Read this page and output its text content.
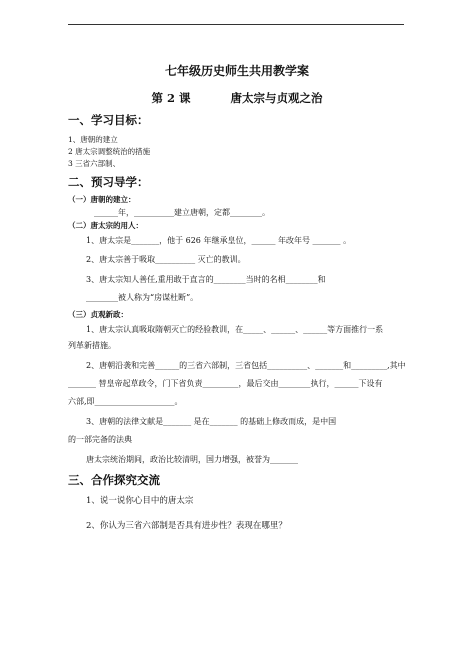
七年级历史师生共用教学案
第 2 课	唐太宗与贞观之治
一、学习目标：
1、唐朝的建立
2 唐太宗调整统治的措施
3 三省六部制、
二、预习导学：
（一）唐朝的建立：
______年，__________建立唐朝，定都________。
（二）唐太宗的用人：
1、唐太宗是_______，他于 626 年继承皇位，______ 年改年号 _______ 。
2、唐太宗善于吸取__________ 灭亡的教训。
3、唐太宗知人善任,重用敢于直言的________当时的名相________和
________被人称为“房谋杜断”。
（三）贞观新政：
1、唐太宗认真吸取隋朝灭亡的经验教训，在_____、______、______等方面推行一系
列革新措施。
2、唐朝沿袭和完善______的三省六部制，三省包括__________、_______和_________,其中
_______ 替皇帝起草政令，门下省负责_________，最后交由________执行，______下设有
六部,即____________________。
3、唐朝的法律文献是_______ 是在_______ 的基础上修改而成，是中国
的一部完备的法典
唐太宗统治期间，政治比较清明，国力增强，被誉为_______
三、合作探究交流
1、说一说你心目中的唐太宗
2、你认为三省六部制是否具有进步性？表现在哪里？
